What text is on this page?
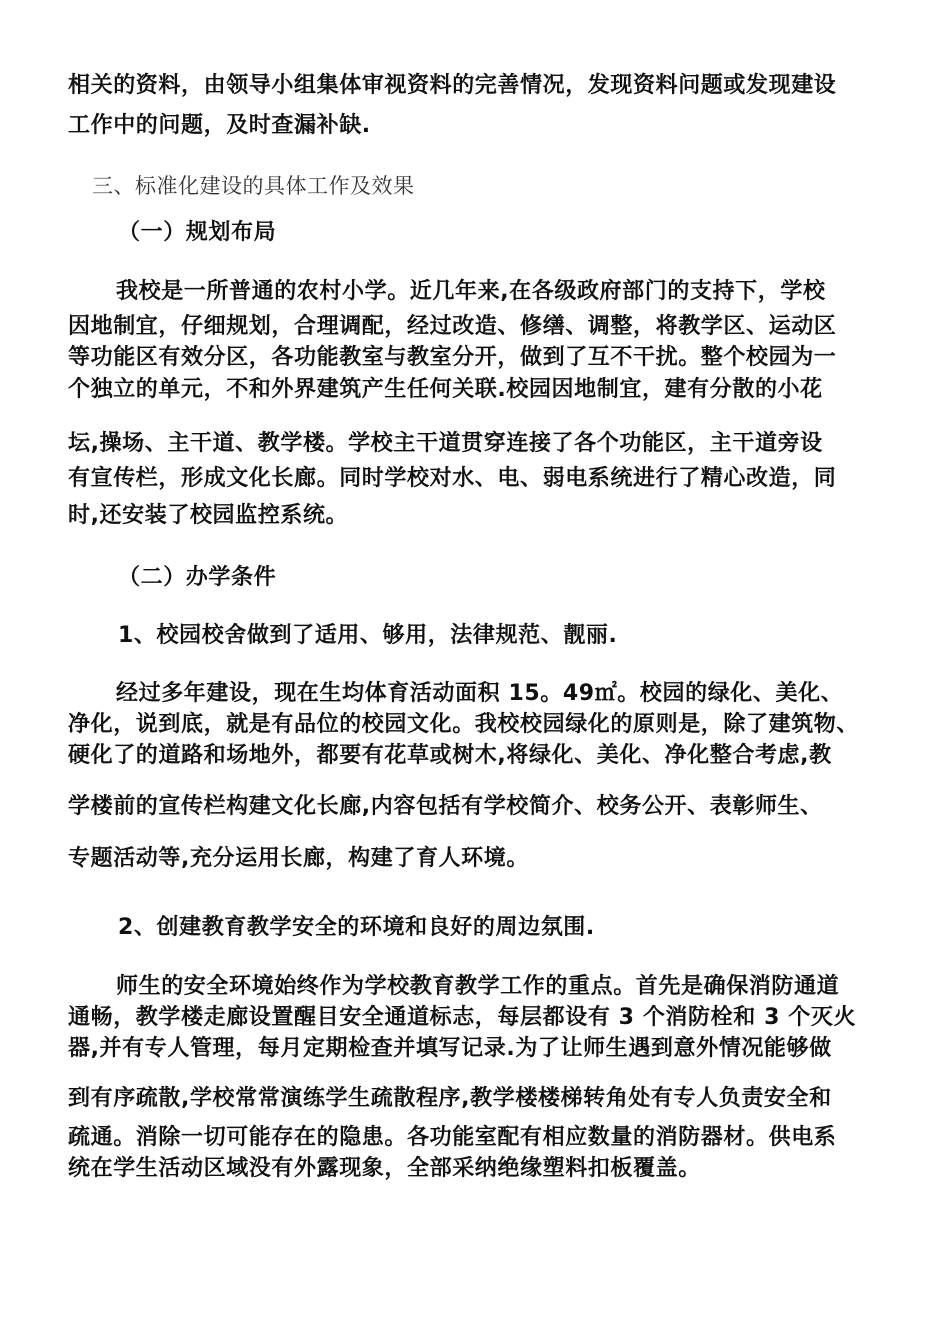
相关的资料，由领导小组集体审视资料的完善情况，发现资料问题或发现建设
工作中的问题，及时查漏补缺.
三、标准化建设的具体工作及效果
（一）规划布局
我校是一所普通的农村小学。近几年来,在各级政府部门的支持下，学校
因地制宜，仔细规划，合理调配，经过改造、修缮、调整，将教学区、运动区
等功能区有效分区，各功能教室与教室分开，做到了互不干扰。整个校园为一
个独立的单元，不和外界建筑产生任何关联.校园因地制宜，建有分散的小花
坛,操场、主干道、教学楼。学校主干道贯穿连接了各个功能区，主干道旁设
有宣传栏，形成文化长廊。同时学校对水、电、弱电系统进行了精心改造，同
时,还安装了校园监控系统。
（二）办学条件
1、校园校舍做到了适用、够用，法律规范、靓丽.
经过多年建设，现在生均体育活动面积 15。49㎡。校园的绿化、美化、
净化，说到底，就是有品位的校园文化。我校校园绿化的原则是，除了建筑物、
硬化了的道路和场地外，都要有花草或树木,将绿化、美化、净化整合考虑,教
学楼前的宣传栏构建文化长廊,内容包括有学校简介、校务公开、表彰师生、
专题活动等,充分运用长廊，构建了育人环境。
2、创建教育教学安全的环境和良好的周边氛围.
师生的安全环境始终作为学校教育教学工作的重点。首先是确保消防通道
通畅，教学楼走廊设置醒目安全通道标志，每层都设有 3 个消防栓和 3 个灭火
器,并有专人管理，每月定期检查并填写记录.为了让师生遇到意外情况能够做
到有序疏散,学校常常演练学生疏散程序,教学楼楼梯转角处有专人负责安全和
疏通。消除一切可能存在的隐患。各功能室配有相应数量的消防器材。供电系
统在学生活动区域没有外露现象，全部采纳绝缘塑料扣板覆盖。
